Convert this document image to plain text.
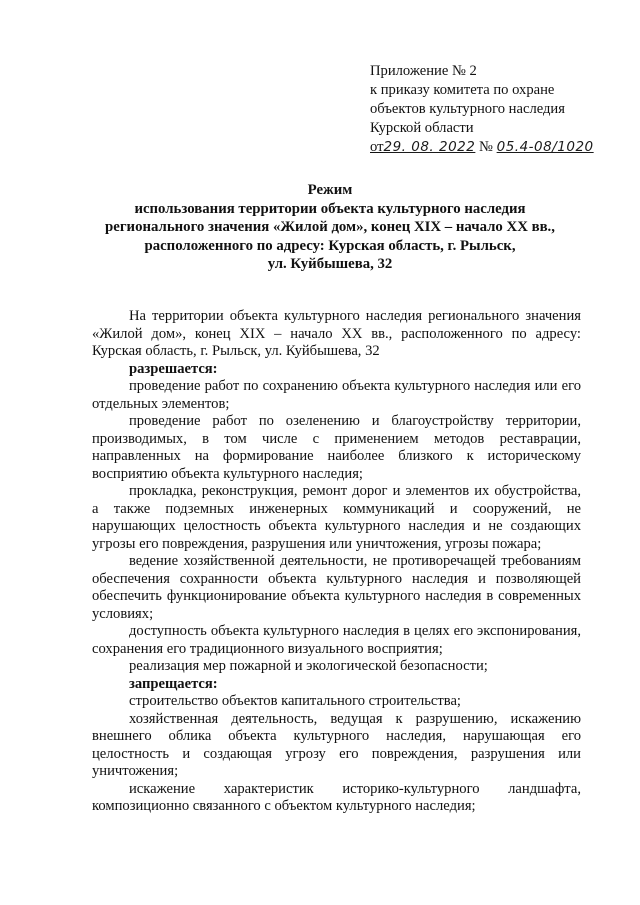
Приложение № 2
к приказу комитета по охране
объектов культурного наследия
Курской области
от29. 08. 2022 № 05.4-08/1020
Режим
использования территории объекта культурного наследия
регионального значения «Жилой дом», конец XIX – начало XX вв.,
расположенного по адресу: Курская область, г. Рыльск,
ул. Куйбышева, 32

На территории объекта культурного наследия регионального значения «Жилой дом», конец XIX – начало XX вв., расположенного по адресу: Курская область, г. Рыльск, ул. Куйбышева, 32

разрешается:

проведение работ по сохранению объекта культурного наследия или его отдельных элементов;

проведение работ по озеленению и благоустройству территории, производимых, в том числе с применением методов реставрации, направленных на формирование наиболее близкого к историческому восприятию объекта культурного наследия;

прокладка, реконструкция, ремонт дорог и элементов их обустройства, а также подземных инженерных коммуникаций и сооружений, не нарушающих целостность объекта культурного наследия и не создающих угрозы его повреждения, разрушения или уничтожения, угрозы пожара;

ведение хозяйственной деятельности, не противоречащей требованиям обеспечения сохранности объекта культурного наследия и позволяющей обеспечить функционирование объекта культурного наследия в современных условиях;

доступность объекта культурного наследия в целях его экспонирования, сохранения его традиционного визуального восприятия;

реализация мер пожарной и экологической безопасности;

запрещается:

строительство объектов капитального строительства;

хозяйственная деятельность, ведущая к разрушению, искажению внешнего облика объекта культурного наследия, нарушающая его целостность и создающая угрозу его повреждения, разрушения или уничтожения;

искажение характеристик историко-культурного ландшафта, композиционно связанного с объектом культурного наследия;
